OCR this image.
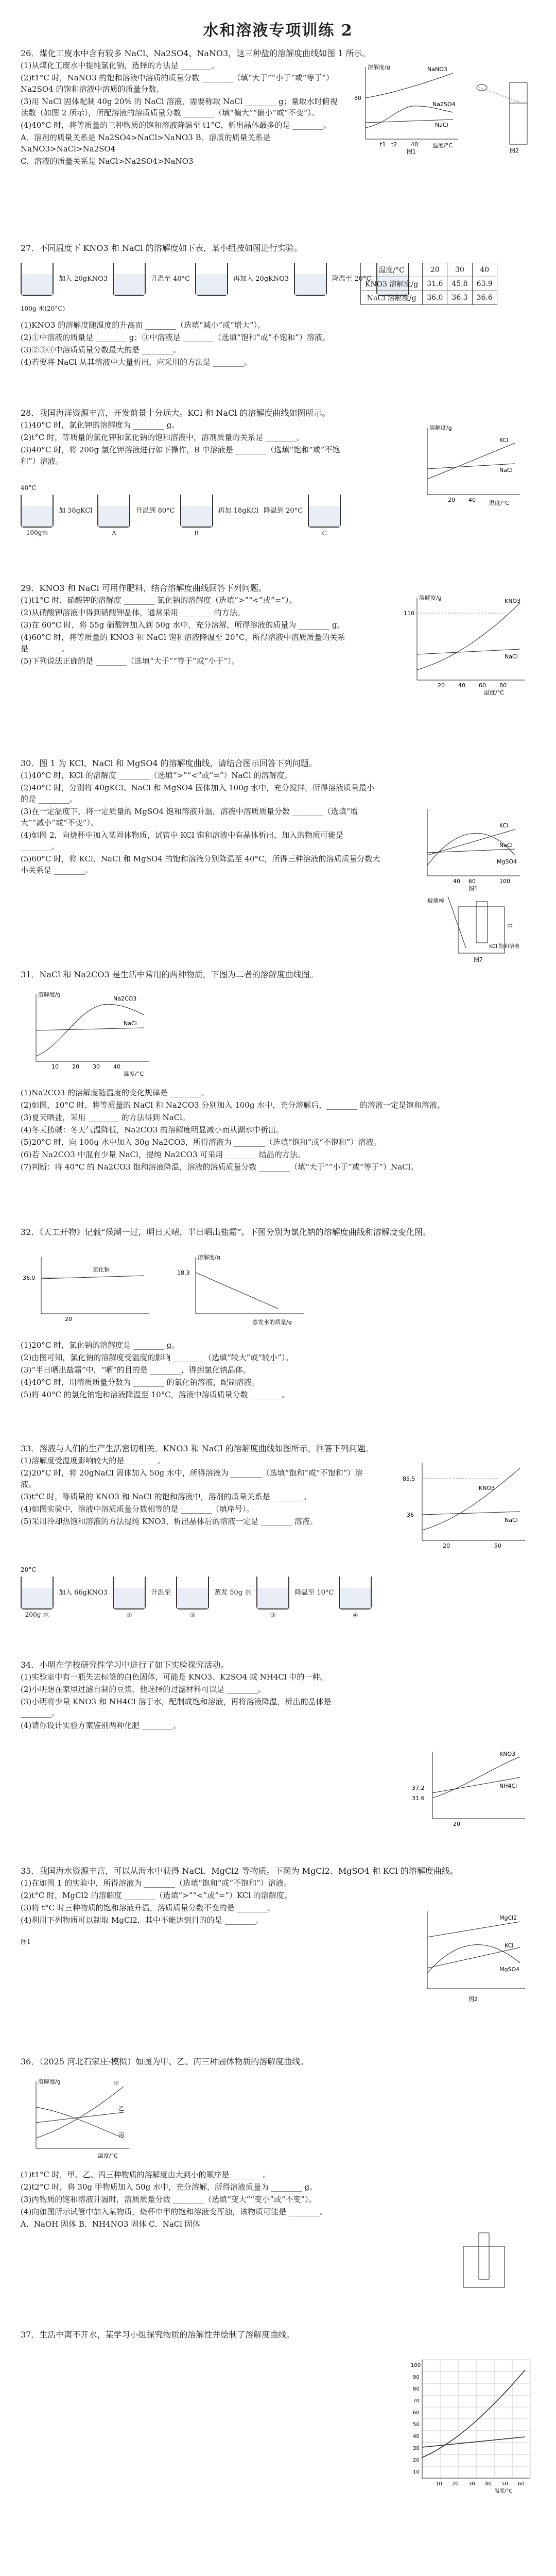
水和溶液专项训练 2

26．煤化工废水中含有较多 NaCl、Na2SO4、NaNO3，这三种盐的溶解度曲线如图 1 所示。

(1)从煤化工废水中提纯氯化钠，选择的方法是 ________。

(2)t1°C 时，NaNO3 的饱和溶液中溶质的质量分数 ________（填“大于”“小于”或“等于”）Na2SO4 的饱和溶液中溶质的质量分数。

(3)用 NaCl 固体配制 40g 20% 的 NaCl 溶液，需要称取 NaCl ________ g；量取水时俯视读数（如图 2 所示），所配溶液的溶质质量分数 ________（填“偏大”“偏小”或“不变”）。

(4)40°C 时，将等质量的三种物质的饱和溶液降温至 t1°C，析出晶体最多的是 ________。

A．溶剂的质量关系是 Na2SO4>NaCl>NaNO3 B．溶质的质量关系是 NaNO3>NaCl>Na2SO4

C．溶液的质量关系是 NaCl>Na2SO4>NaNO3

NaNO3
Na2SO4
NaCl
溶解度/g
温度/°C
80
t1 t2 40
图1	图2

27．不同温度下 KNO3 和 NaCl 的溶解度如下表，某小组按如图进行实验。

加入 20gKNO3	升温至 40°C	再加入 20gKNO3	降温至 20°C
100g 水(20°C)
温度/°C	20	30	40
KNO3 溶解度/g	31.6	45.8	63.9
NaCl 溶解度/g	36.0	36.3	36.6

(1)KNO3 的溶解度随温度的升高而 ________（选填“减小”或“增大”）。

(2)①中溶液的质量是 ________ g；③中溶液是 ________（选填“饱和”或“不饱和”）溶液。

(3)②③④中溶质质量分数最大的是 ________。

(4)若要将 NaCl 从其溶液中大量析出，应采用的方法是 ________。

28．我国海洋资源丰富，开发前景十分远大。KCl 和 NaCl 的溶解度曲线如图所示。

(1)40°C 时，氯化钾的溶解度为 ________ g。

(2)t°C 时，等质量的氯化钾和氯化钠的饱和溶液中，溶剂质量的关系是 ________。

(3)40°C 时，将 200g 氯化钾溶液进行如下操作，B 中溶液是 ________（选填“饱和”或“不饱和”）溶液。

KCl
NaCl
溶解度/g
温度/°C
20 40
100g水
加 38gKCl
A
升温到 80°C
B
再加 18gKCl 降温到 20°C
C
40°C

29．KNO3 和 NaCl 可用作肥料，结合溶解度曲线回答下列问题。

(1)t1°C 时，硝酸钾的溶解度 ________ 氯化钠的溶解度（选填“>”“<”或“=”）。

(2)从硝酸钾溶液中得到硝酸钾晶体，通常采用 ________ 的方法。

(3)在 60°C 时，将 55g 硝酸钾加入到 50g 水中，充分溶解，所得溶液的质量为 ________ g。

(4)60°C 时，将等质量的 KNO3 和 NaCl 饱和溶液降温至 20°C，所得溶液中溶质质量的关系是 ________。

(5)下列说法正确的是 ________（选填“大于”“等于”或“小于”）。

KNO3
NaCl
溶解度/g
110
20 40 60 80
温度/°C

30．图 1 为 KCl、NaCl 和 MgSO4 的溶解度曲线，请结合图示回答下列问题。

(1)40°C 时，KCl 的溶解度 ________（选填“>”“<”或“=”）NaCl 的溶解度。

(2)40°C 时，分别将 40gKCl、NaCl 和 MgSO4 固体加入 100g 水中，充分搅拌，所得溶液质量最小的是 ________。

(3)在一定温度下，将一定质量的 MgSO4 饱和溶液升温，溶液中溶质质量分数 ________（选填“增大”“减小”或“不变”）。

(4)如图 2，向烧杯中加入某固体物质，试管中 KCl 饱和溶液中有晶体析出，加入的物质可能是 ________。

(5)60°C 时，将 KCl、NaCl 和 MgSO4 的饱和溶液分别降温至 40°C，所得三种溶液的溶质质量分数大小关系是 ________。

KCl
NaCl
MgSO4
40 60	100
图1
玻璃棒
水
KCl 饱和溶液
图2

31．NaCl 和 Na2CO3 是生活中常用的两种物质，下图为二者的溶解度曲线图。

Na2CO3
NaCl
溶解度/g
10 20 30 40
温度/°C

(1)Na2CO3 的溶解度随温度的变化规律是 ________。

(2)如图，10°C 时，将等质量的 NaCl 和 Na2CO3 分别加入 100g 水中，充分溶解后，________ 的溶液一定是饱和溶液。

(3)夏天晒盐，采用 ________ 的方法得到 NaCl。

(4)冬天捞碱：冬天气温降低，Na2CO3 的溶解度明显减小而从湖水中析出。

(5)20°C 时，向 100g 水中加入 30g Na2CO3，所得溶液为 ________（选填“饱和”或“不饱和”）溶液。

(6)若 Na2CO3 中混有少量 NaCl，提纯 Na2CO3 可采用 ________ 结晶的方法。

(7)判断：将 40°C 的 Na2CO3 饱和溶液降温，溶液的溶质质量分数 ________（填“大于”“小于”或“等于”）NaCl。

32．《天工开物》记载“候潮一过，明日天晴，半日晒出盐霜”。下图分别为氯化钠的溶解度曲线和溶解度变化图。

氯化钠
36.0
20
溶解度/g
18.3
蒸发水的质量/g

(1)20°C 时，氯化钠的溶解度是 ________ g。

(2)由图可知，氯化钠的溶解度受温度的影响 ________（选填“较大”或“较小”）。

(3)“半日晒出盐霜”中，“晒”的目的是 ________，得到氯化钠晶体。

(4)40°C 时，用溶质质量分数为 ________ 的氯化钠溶液，配制溶液。

(5)将 40°C 的氯化钠饱和溶液降温至 10°C，溶液中溶质质量分数 ________。

33．溶液与人们的生产生活密切相关。KNO3 和 NaCl 的溶解度曲线如图所示，回答下列问题。

(1)溶解度受温度影响较大的是 ________。

(2)20°C 时，将 20gNaCl 固体加入 50g 水中，所得溶液为 ________（选填“饱和”或“不饱和”）溶液。

(3)t°C 时，等质量的 KNO3 和 NaCl 的饱和溶液中，溶剂的质量关系是 ________。

(4)如图实验中，溶液中溶质质量分数相等的是 ________（填序号）。

(5)采用冷却热饱和溶液的方法提纯 KNO3，析出晶体后的溶液一定是 ________ 溶液。

KNO3
NaCl
85.5
36
20	50
200g 水
加入 66gKNO3
①
升温至
②
蒸发 50g 水
③
降温至 10°C
④
20°C

34．小明在学校研究性学习中进行了如下实验探究活动。

(1)实验室中有一瓶失去标签的白色固体，可能是 KNO3、K2SO4 或 NH4Cl 中的一种。

(2)小明想在家里过滤自制的豆浆，他选择的过滤材料可以是 ________。

(3)小明将少量 KNO3 和 NH4Cl 溶于水，配制成饱和溶液，再将溶液降温，析出的晶体是 ________。

(4)请你设计实验方案鉴别两种化肥 ________。

KNO3
NH4Cl
37.2
31.6
20

35．我国海水资源丰富，可以从海水中获得 NaCl、MgCl2 等物质。下图为 MgCl2、MgSO4 和 KCl 的溶解度曲线。

(1)在如图 1 的实验中，所得溶液为 ________（选填“饱和”或“不饱和”）溶液。

(2)t°C 时，MgCl2 的溶解度 ________（选填“>”“<”或“=”）KCl 的溶解度。

(3)将 t°C 时三种物质的饱和溶液升温，溶质质量分数不变的是 ________。

(4)利用下列物质可以制取 MgCl2，其中不能达到目的的是 ________。	MgCl2
KCl
MgSO4
图2
图1

36．（2025 河北石家庄·模拟）如图为甲、乙、丙三种固体物质的溶解度曲线。

甲
乙
丙
溶解度/g
温度/°C

(1)t1°C 时，甲、乙、丙三种物质的溶解度由大到小的顺序是 ________。

(2)t2°C 时，将 30g 甲物质加入 50g 水中，充分溶解，所得溶液质量为 ________ g。

(3)丙物质的饱和溶液升温时，溶质质量分数 ________（选填“变大”“变小”或“不变”）。

(4)向如图所示试管中加入某物质，烧杯中甲的饱和溶液变浑浊，该物质可能是 ________。

A．NaOH 固体 B．NH4NO3 固体 C．NaCl 固体

37．生活中离不开水，某学习小组探究物质的溶解性并绘制了溶解度曲线。

100
90
80
70
60
50
40
30
20
10
10 20 30 40 50 60
温度/°C
